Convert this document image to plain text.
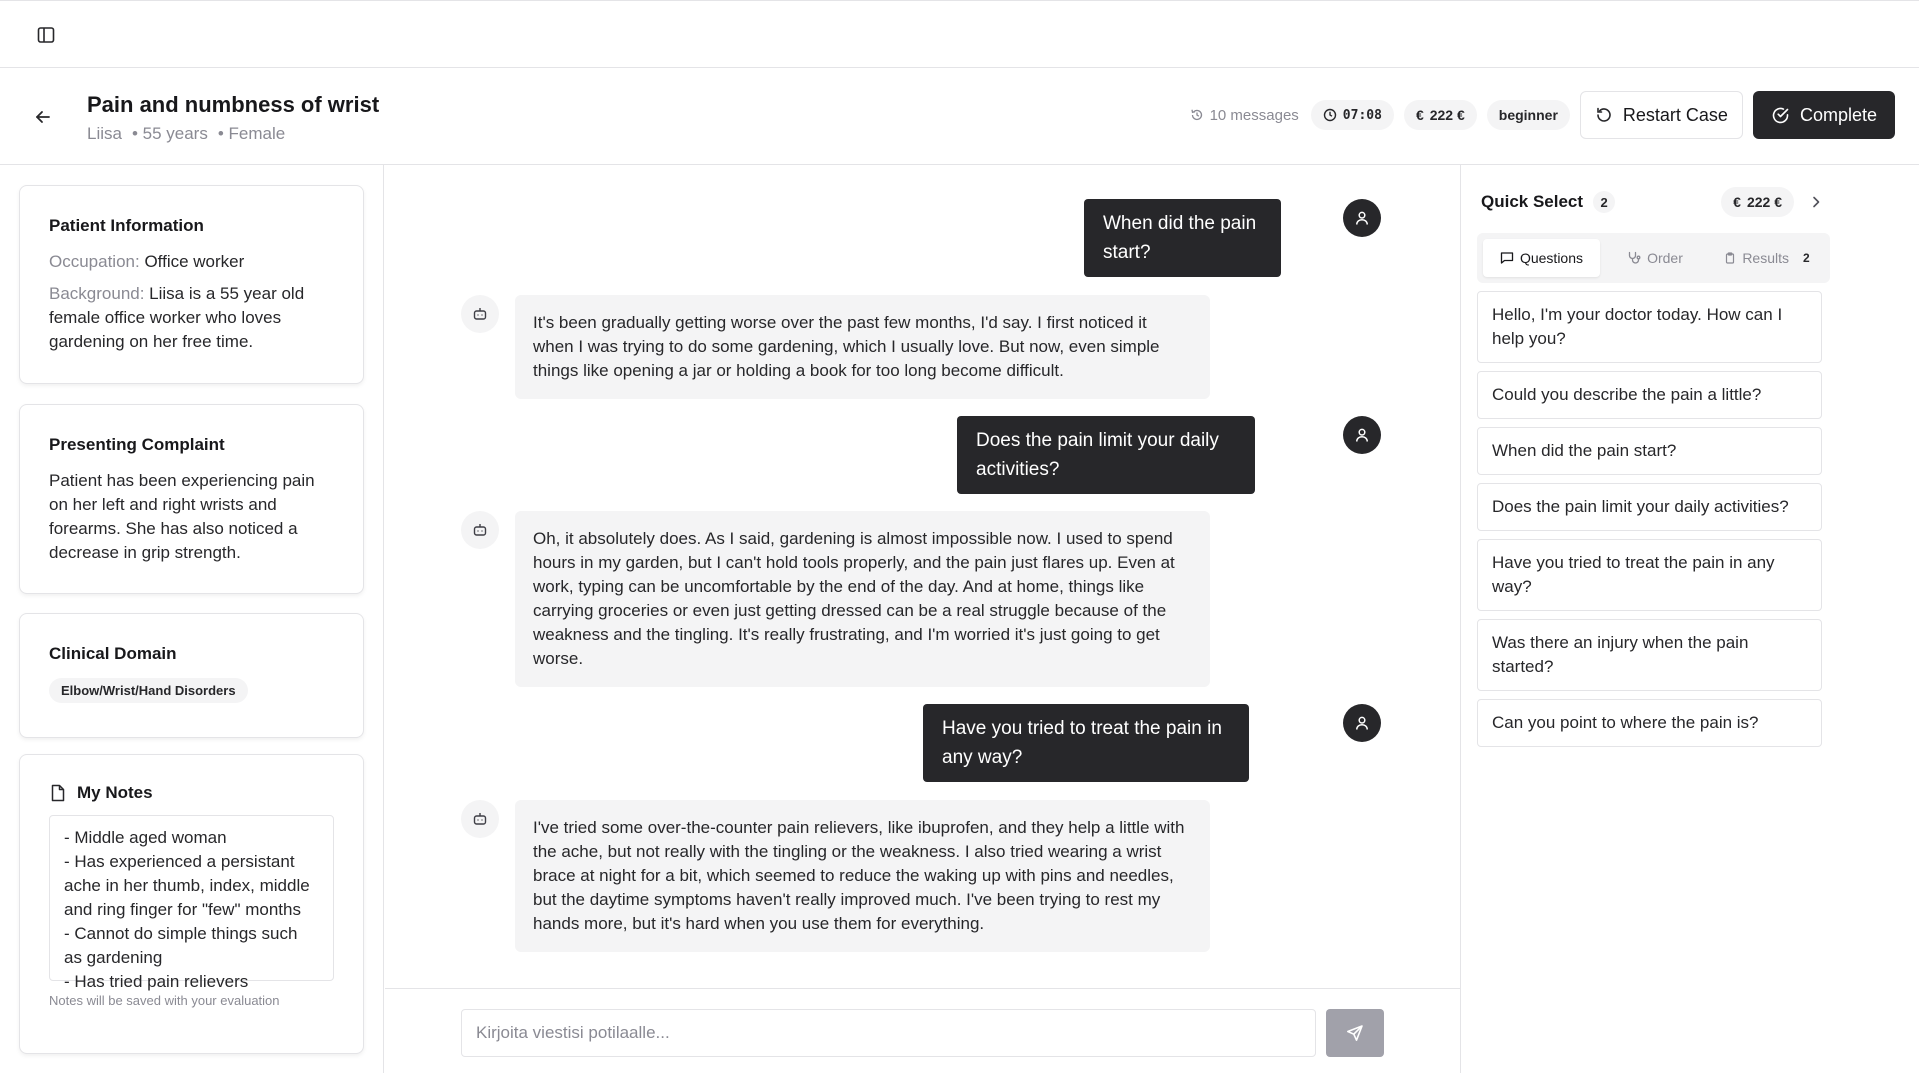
Pain and numbness of wrist
Liisa • 55 years • Female
10 messages	07:08 € 222 €	beginner	Restart Case	Complete
Patient Information

Occupation: Office worker

Background: Liisa is a 55 year old female office worker who loves gardening on her free time.

Presenting Complaint

Patient has been experiencing pain on her left and right wrists and forearms. She has also noticed a decrease in grip strength.

Clinical Domain
Elbow/Wrist/Hand Disorders
My Notes
- Middle aged woman
- Has experienced a persistant ache in her thumb, index, middle and ring finger for "few" months
- Cannot do simple things such as gardening
- Has tried pain relievers
Notes will be saved with your evaluation
When did the pain start?
It's been gradually getting worse over the past few months, I'd say. I first noticed it when I was trying to do some gardening, which I usually love. But now, even simple things like opening a jar or holding a book for too long become difficult.
Does the pain limit your daily activities?
Oh, it absolutely does. As I said, gardening is almost impossible now. I used to spend hours in my garden, but I can't hold tools properly, and the pain just flares up. Even at work, typing can be uncomfortable by the end of the day. And at home, things like carrying groceries or even just getting dressed can be a real struggle because of the weakness and the tingling. It's really frustrating, and I'm worried it's just going to get worse.
Have you tried to treat the pain in any way?
I've tried some over-the-counter pain relievers, like ibuprofen, and they help a little with the ache, but not really with the tingling or the weakness. I also tried wearing a wrist brace at night for a bit, which seemed to reduce the waking up with pins and needles, but the daytime symptoms haven't really improved much. I've been trying to rest my hands more, but it's hard when you use them for everything.
Kirjoita viestisi potilaalle...
Quick Select	2	€ 222 €
Questions	Order	Results 2
Hello, I'm your doctor today. How can I help you?
Could you describe the pain a little?
When did the pain start?
Does the pain limit your daily activities?
Have you tried to treat the pain in any way?
Was there an injury when the pain started?
Can you point to where the pain is?
